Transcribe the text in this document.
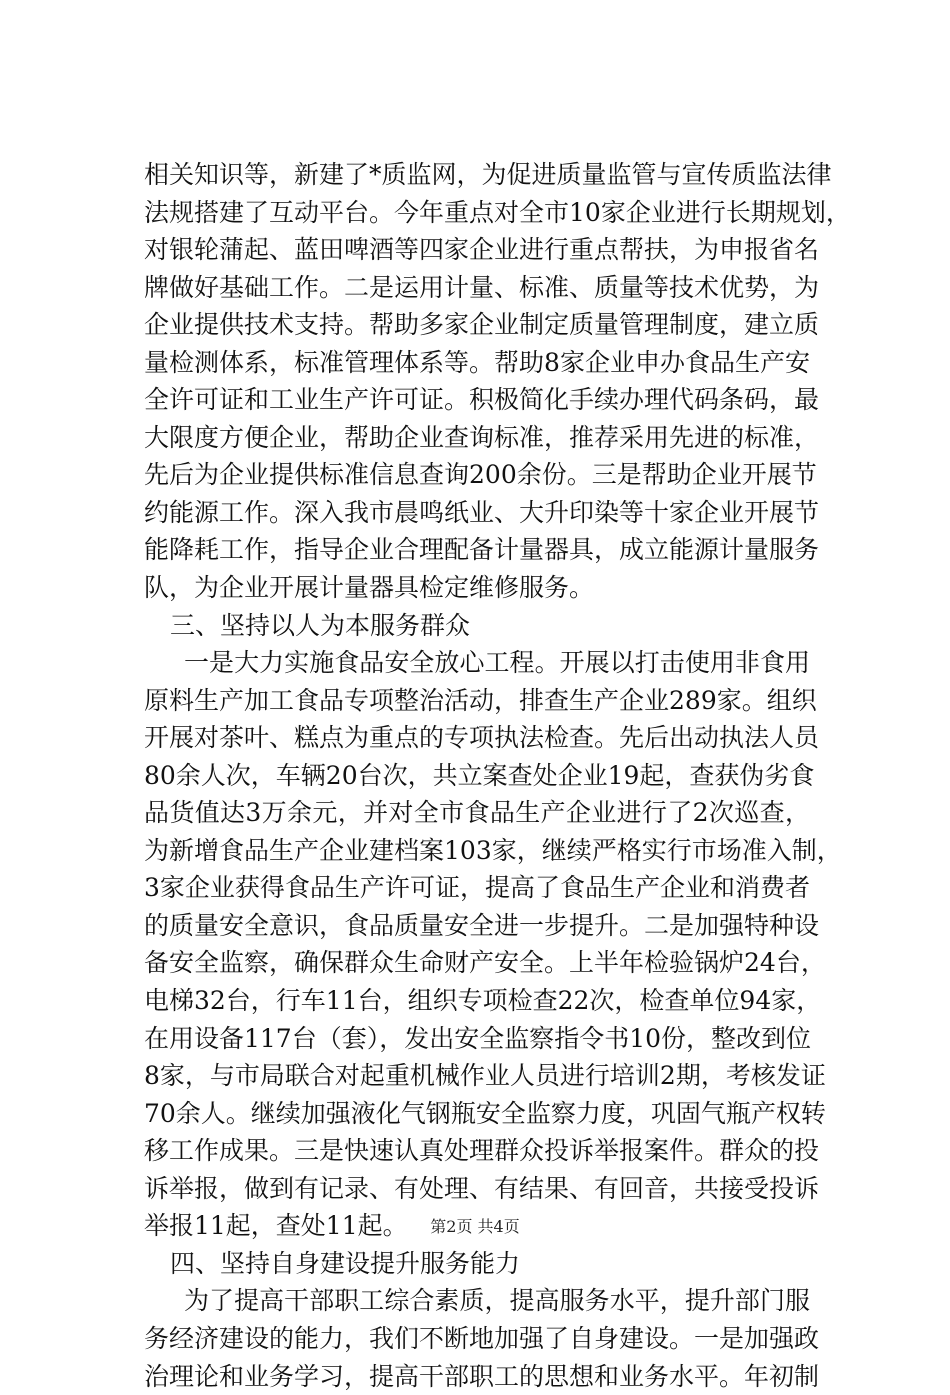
相关知识等，新建了*质监网，为促进质量监管与宣传质监法律
法规搭建了互动平台。今年重点对全市10家企业进行长期规划，
对银轮蒲起、蓝田啤酒等四家企业进行重点帮扶，为申报省名
牌做好基础工作。二是运用计量、标准、质量等技术优势，为
企业提供技术支持。帮助多家企业制定质量管理制度，建立质
量检测体系，标准管理体系等。帮助8家企业申办食品生产安
全许可证和工业生产许可证。积极简化手续办理代码条码，最
大限度方便企业，帮助企业查询标准，推荐采用先进的标准，
先后为企业提供标准信息查询200余份。三是帮助企业开展节
约能源工作。深入我市晨鸣纸业、大升印染等十家企业开展节
能降耗工作，指导企业合理配备计量器具，成立能源计量服务
队，为企业开展计量器具检定维修服务。
三、坚持以人为本服务群众
一是大力实施食品安全放心工程。开展以打击使用非食用
原料生产加工食品专项整治活动，排查生产企业289家。组织
开展对茶叶、糕点为重点的专项执法检查。先后出动执法人员
80余人次，车辆20台次，共立案查处企业19起，查获伪劣食
品货值达3万余元，并对全市食品生产企业进行了2次巡查，
为新增食品生产企业建档案103家，继续严格实行市场准入制，
3家企业获得食品生产许可证，提高了食品生产企业和消费者
的质量安全意识，食品质量安全进一步提升。二是加强特种设
备安全监察，确保群众生命财产安全。上半年检验锅炉24台，
电梯32台，行车11台，组织专项检查22次，检查单位94家，
在用设备117台（套），发出安全监察指令书10份，整改到位
8家，与市局联合对起重机械作业人员进行培训2期，考核发证
70余人。继续加强液化气钢瓶安全监察力度，巩固气瓶产权转
移工作成果。三是快速认真处理群众投诉举报案件。群众的投
诉举报，做到有记录、有处理、有结果、有回音，共接受投诉
举报11起，查处11起。
四、坚持自身建设提升服务能力
为了提高干部职工综合素质，提高服务水平，提升部门服
务经济建设的能力，我们不断地加强了自身建设。一是加强政
治理论和业务学习，提高干部职工的思想和业务水平。年初制
第2页 共4页
